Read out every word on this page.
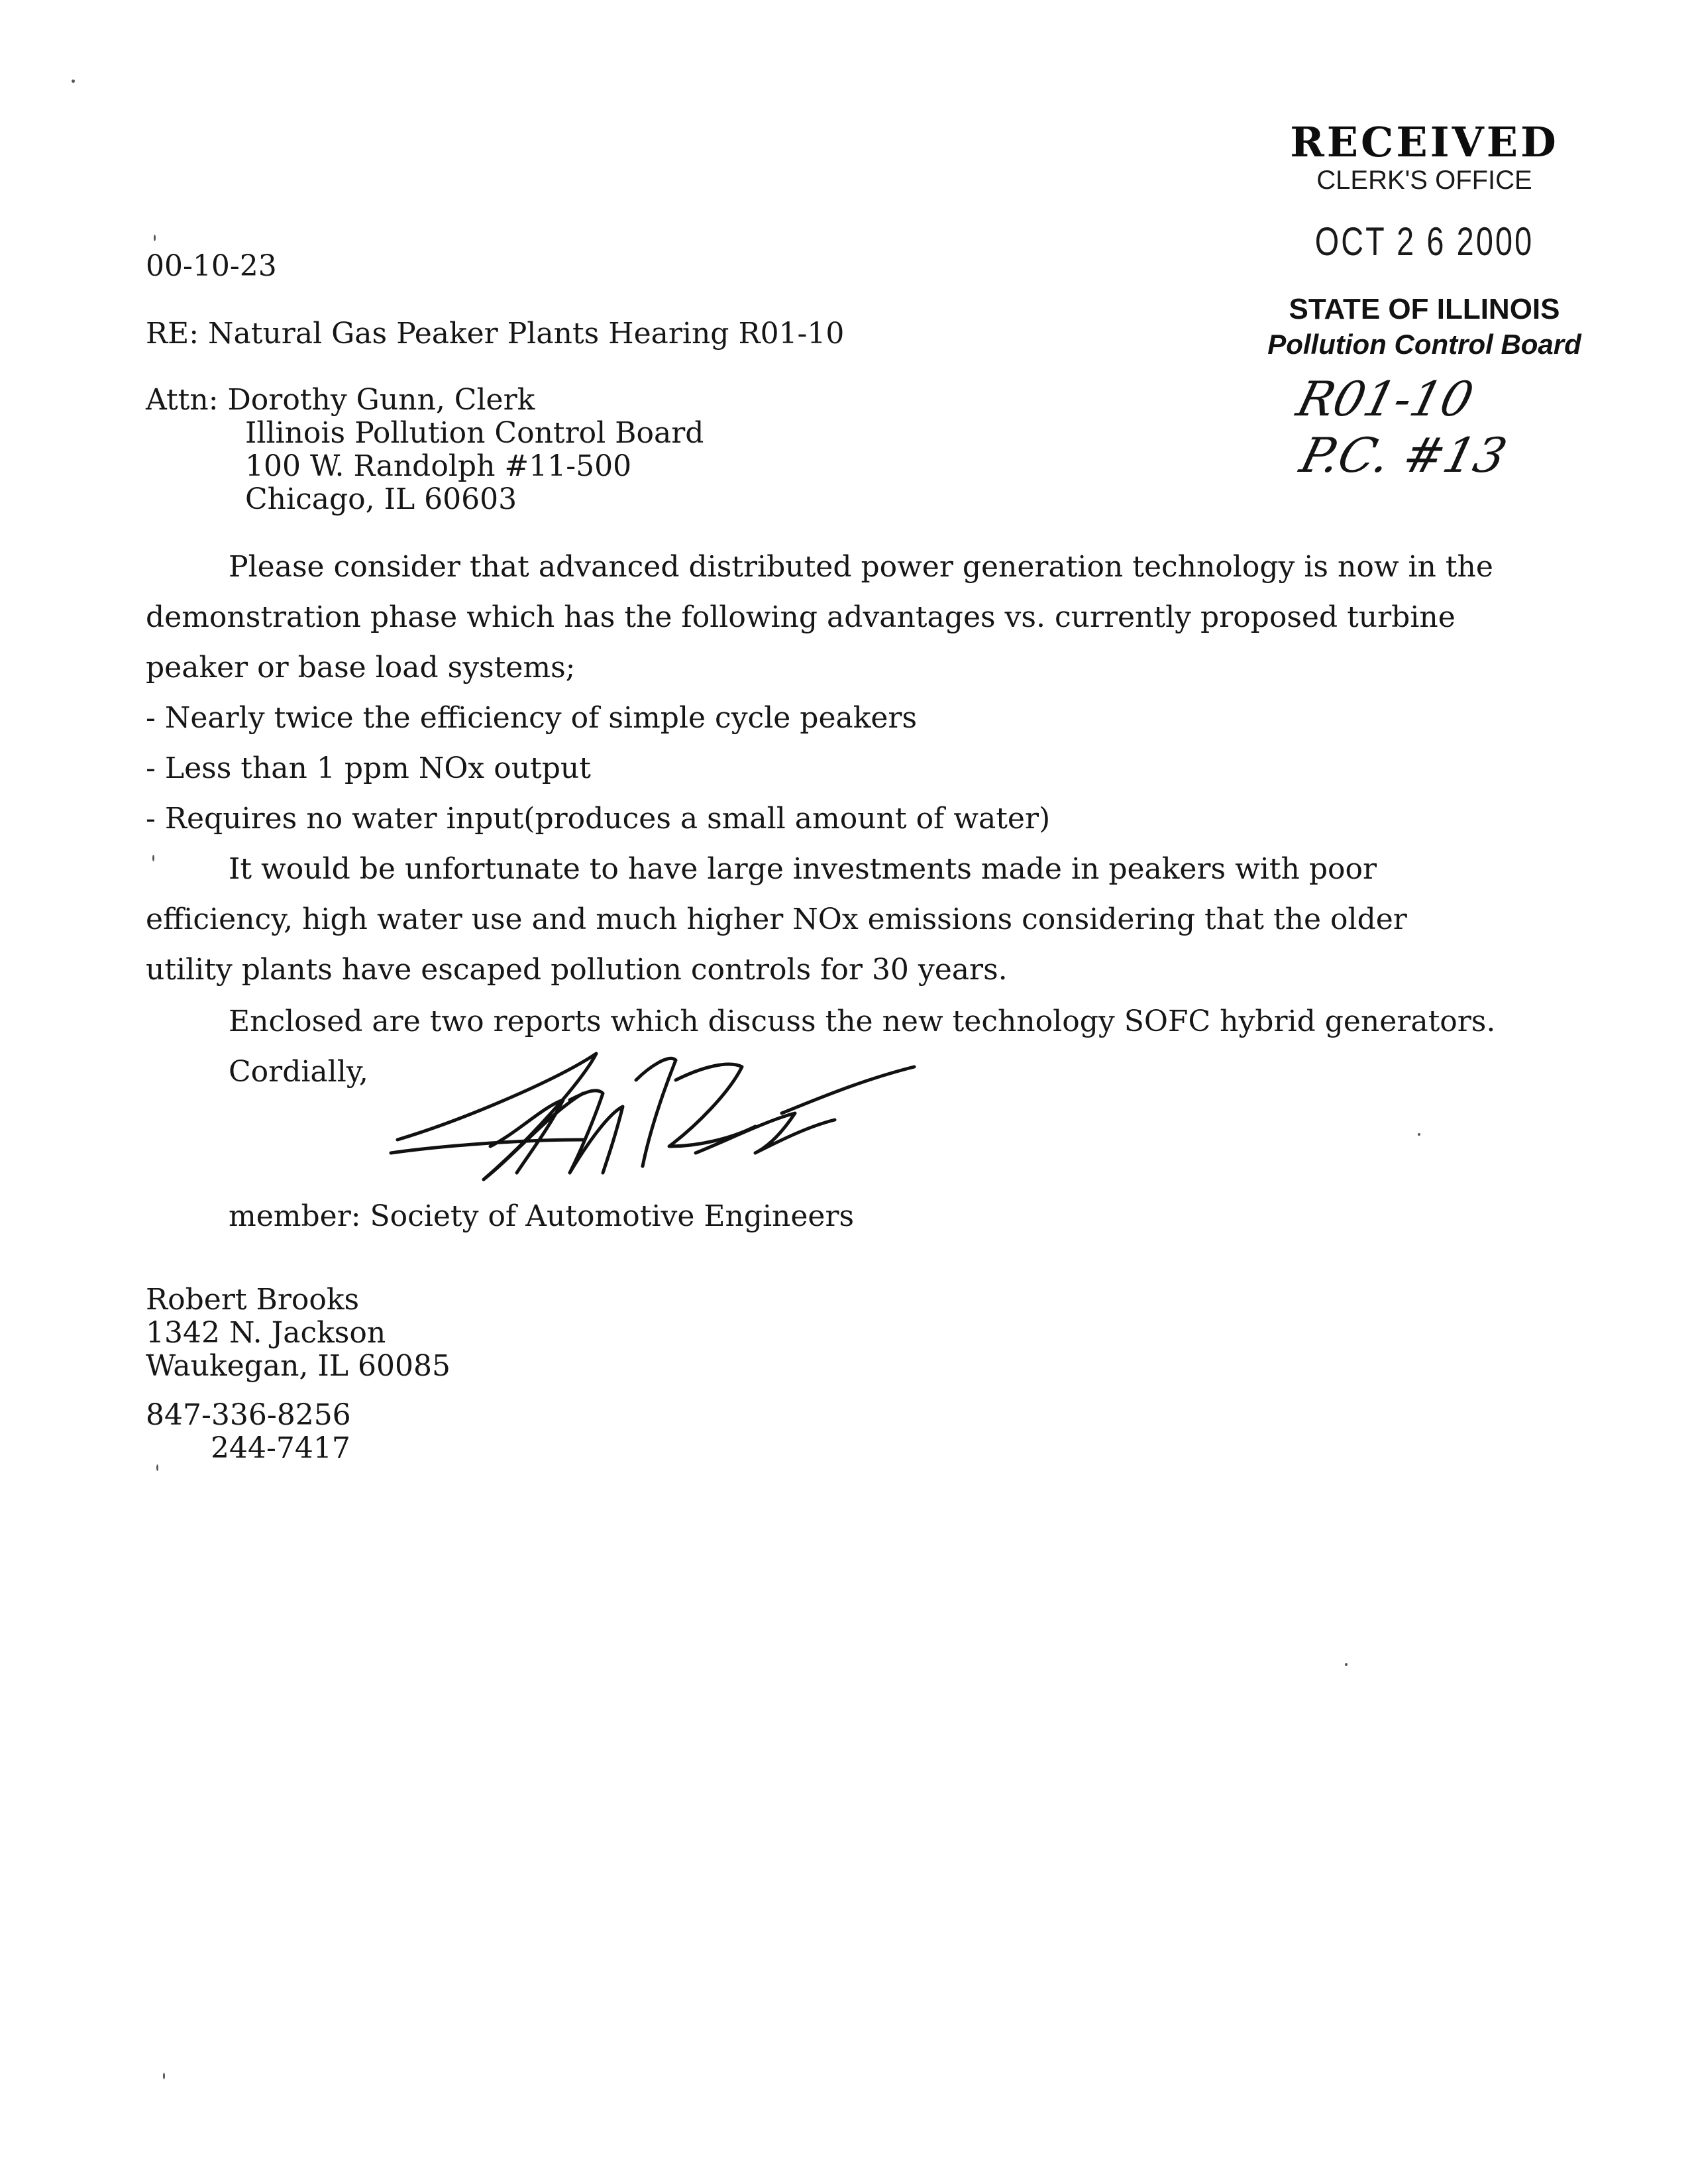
RECEIVED
CLERK'S OFFICE
OCT 2 6 2000
STATE OF ILLINOIS
Pollution Control Board
R01-10
P.C. #13
00-10-23
RE: Natural Gas Peaker Plants Hearing R01-10
Attn: Dorothy Gunn, Clerk
Illinois Pollution Control Board
100 W. Randolph #11-500
Chicago, IL 60603
Please consider that advanced distributed power generation technology is now in the
demonstration phase which has the following advantages vs. currently proposed turbine
peaker or base load systems;
- Nearly twice the efficiency of simple cycle peakers
- Less than 1 ppm NOx output
- Requires no water input(produces a small amount of water)
It would be unfortunate to have large investments made in peakers with poor
efficiency, high water use and much higher NOx emissions considering that the older
utility plants have escaped pollution controls for 30 years.
Enclosed are two reports which discuss the new technology SOFC hybrid generators.
Cordially,
member: Society of Automotive Engineers
Robert Brooks
1342 N. Jackson
Waukegan, IL 60085
847-336-8256
244-7417
